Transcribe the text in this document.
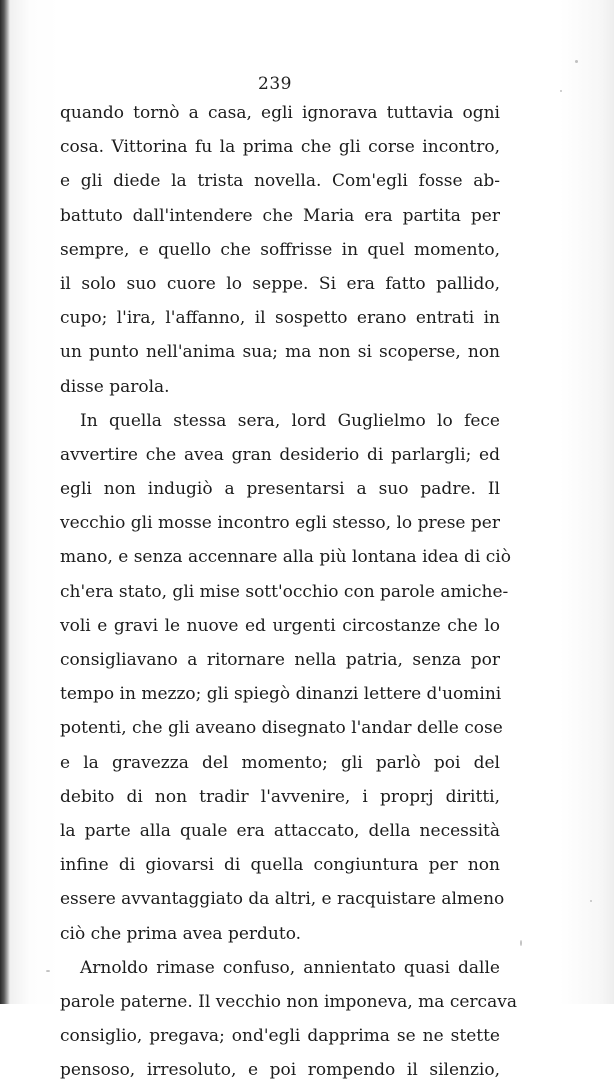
239
quando tornò a casa, egli ignorava tuttavia ogni
cosa. Vittorina fu la prima che gli corse incontro,
e gli diede la trista novella. Com'egli fosse ab-
battuto dall'intendere che Maria era partita per
sempre, e quello che soffrisse in quel momento,
il solo suo cuore lo seppe. Si era fatto pallido,
cupo; l'ira, l'affanno, il sospetto erano entrati in
un punto nell'anima sua; ma non si scoperse, non
disse parola.
In quella stessa sera, lord Guglielmo lo fece
avvertire che avea gran desiderio di parlargli; ed
egli non indugiò a presentarsi a suo padre. Il
vecchio gli mosse incontro egli stesso, lo prese per
mano, e senza accennare alla più lontana idea di ciò
ch'era stato, gli mise sott'occhio con parole amiche-
voli e gravi le nuove ed urgenti circostanze che lo
consigliavano a ritornare nella patria, senza por
tempo in mezzo; gli spiegò dinanzi lettere d'uomini
potenti, che gli aveano disegnato l'andar delle cose
e la gravezza del momento; gli parlò poi del
debito di non tradir l'avvenire, i proprj diritti,
la parte alla quale era attaccato, della necessità
infine di giovarsi di quella congiuntura per non
essere avvantaggiato da altri, e racquistare almeno
ciò che prima avea perduto.
Arnoldo rimase confuso, annientato quasi dalle
parole paterne. Il vecchio non imponeva, ma cercava
consiglio, pregava; ond'egli dapprima se ne stette
pensoso, irresoluto, e poi rompendo il silenzio,
